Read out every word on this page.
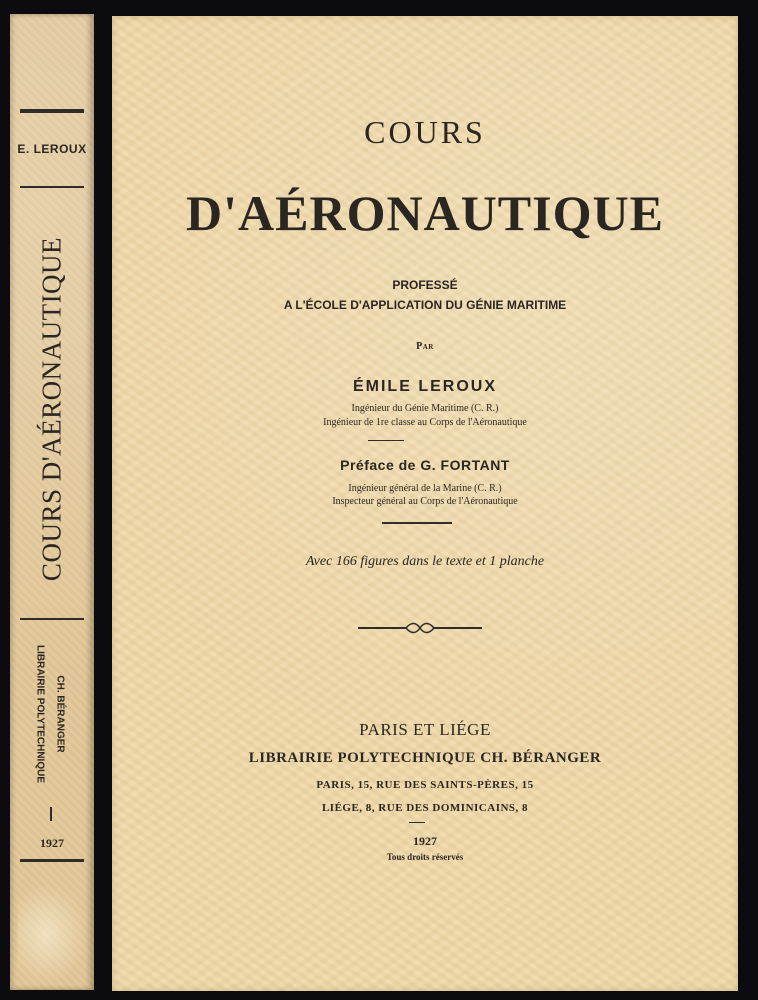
E. LEROUX
COURS D'AÉRONAUTIQUE
LIBRAIRIE POLYTECHNIQUE CH. BÉRANGER
1927
COURS
D'AÉRONAUTIQUE
PROFESSÉ
A L'ÉCOLE D'APPLICATION DU GÉNIE MARITIME
Par
ÉMILE LEROUX
Ingénieur du Génie Maritime (C. R.)
Ingénieur de 1re classe au Corps de l'Aéronautique
Préface de G. FORTANT
Ingénieur général de la Marine (C. R.)
Inspecteur général au Corps de l'Aéronautique
Avec 166 figures dans le texte et 1 planche
PARIS ET LIÉGE
LIBRAIRIE POLYTECHNIQUE CH. BÉRANGER
PARIS, 15, RUE DES SAINTS-PÈRES, 15
LIÉGE, 8, RUE DES DOMINICAINS, 8
1927
Tous droits réservés
